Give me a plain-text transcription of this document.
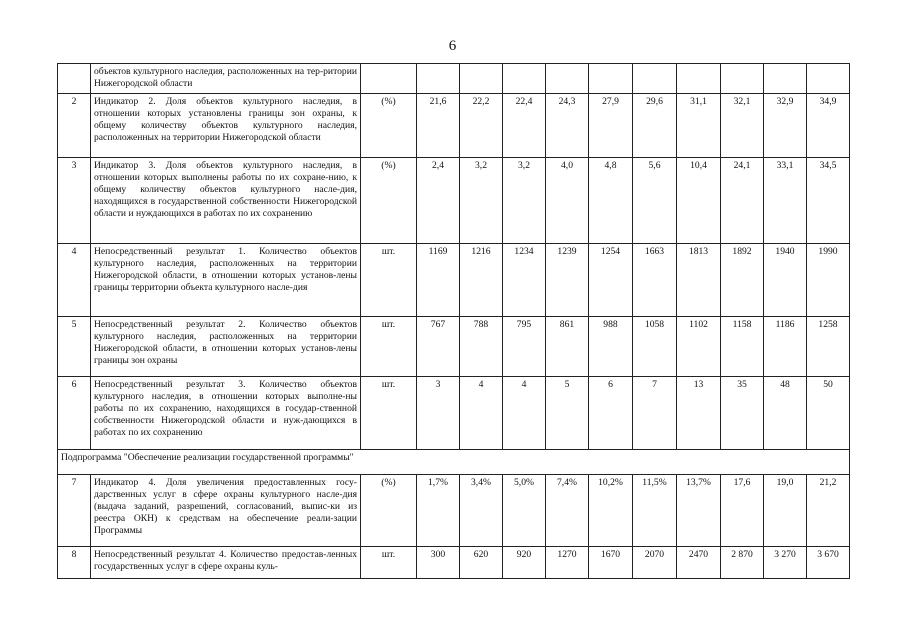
6
	объектов культурного наследия, расположенных на тер-ритории Нижегородской области											
2	Индикатор 2. Доля объектов культурного наследия, в отношении которых установлены границы зон охраны, к общему количеству объектов культурного наследия, расположенных на территории Нижегородской области	(%)	21,6	22,2	22,4	24,3	27,9	29,6	31,1	32,1	32,9	34,9
3	Индикатор 3. Доля объектов культурного наследия, в отношении которых выполнены работы по их сохране-нию, к общему количеству объектов культурного насле-дия, находящихся в государственной собственности Нижегородской области и нуждающихся в работах по их сохранению	(%)	2,4	3,2	3,2	4,0	4,8	5,6	10,4	24,1	33,1	34,5
4	Непосредственный результат 1. Количество объектов культурного наследия, расположенных на территории Нижегородской области, в отношении которых установ-лены границы территории объекта культурного насле-дия	шт.	1169	1216	1234	1239	1254	1663	1813	1892	1940	1990
5	Непосредственный результат 2. Количество объектов культурного наследия, расположенных на территории Нижегородской области, в отношении которых установ-лены границы зон охраны	шт.	767	788	795	861	988	1058	1102	1158	1186	1258
6	Непосредственный результат 3. Количество объектов культурного наследия, в отношении которых выполне-ны работы по их сохранению, находящихся в государ-ственной собственности Нижегородской области и нуж-дающихся в работах по их сохранению	шт.	3	4	4	5	6	7	13	35	48	50
Подпрограмма "Обеспечение реализации государственной программы"												
7	Индикатор 4. Доля увеличения предоставленных госу-дарственных услуг в сфере охраны культурного насле-дия (выдача заданий, разрешений, согласований, выпис-ки из реестра ОКН) к средствам на обеспечение реали-зации Программы	(%)	1,7%	3,4%	5,0%	7,4%	10,2%	11,5%	13,7%	17,6	19,0	21,2
8	Непосредственный результат 4. Количество предостав-ленных государственных услуг в сфере охраны куль-	шт.	300	620	920	1270	1670	2070	2470	2 870	3 270	3 670
